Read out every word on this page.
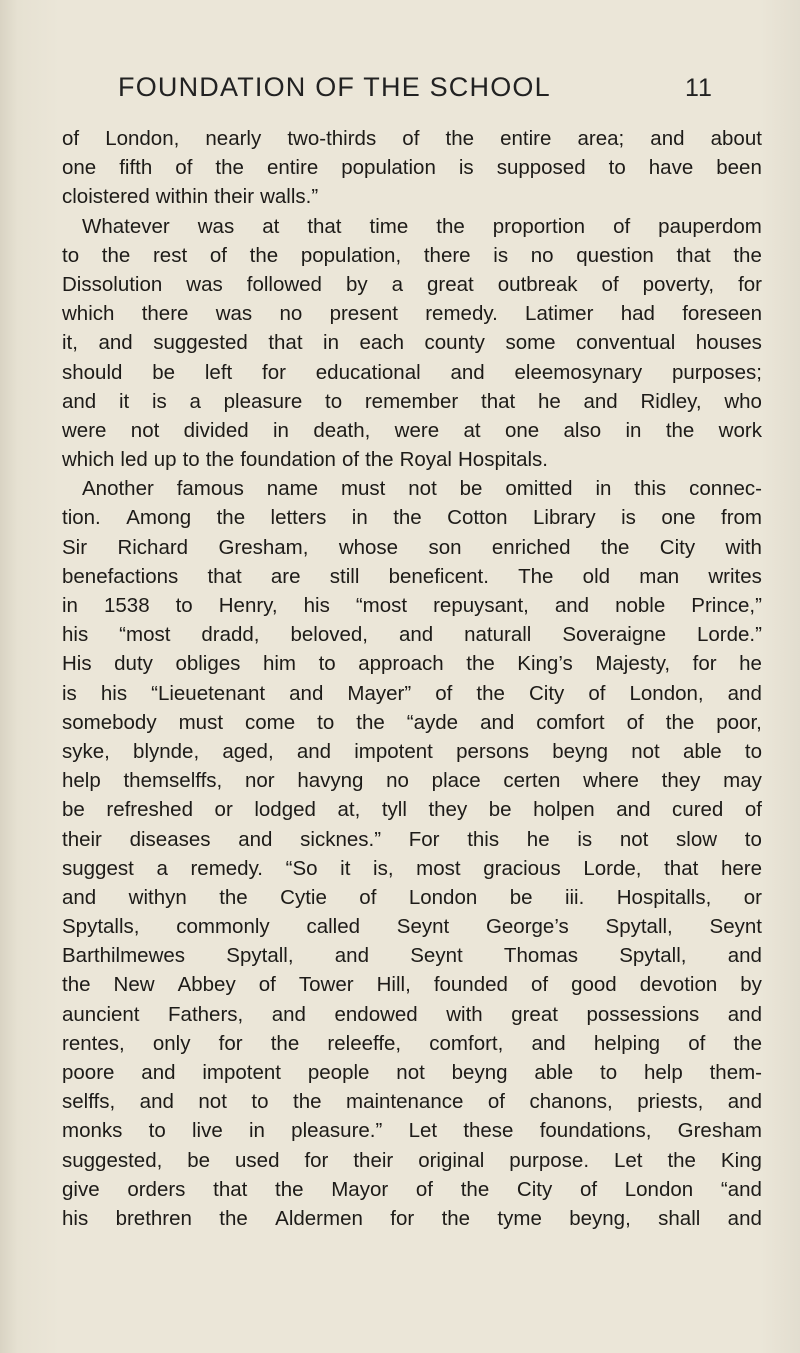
FOUNDATION OF THE SCHOOL	11
of London, nearly two-thirds of the entire area; and about
one fifth of the entire population is supposed to have been
cloistered within their walls.”
Whatever was at that time the proportion of pauperdom
to the rest of the population, there is no question that the
Dissolution was followed by a great outbreak of poverty, for
which there was no present remedy. Latimer had foreseen
it, and suggested that in each county some conventual houses
should be left for educational and eleemosynary purposes;
and it is a pleasure to remember that he and Ridley, who
were not divided in death, were at one also in the work
which led up to the foundation of the Royal Hospitals.
Another famous name must not be omitted in this connec-
tion. Among the letters in the Cotton Library is one from
Sir Richard Gresham, whose son enriched the City with
benefactions that are still beneficent. The old man writes
in 1538 to Henry, his “most repuysant, and noble Prince,”
his “most dradd, beloved, and naturall Soveraigne Lorde.”
His duty obliges him to approach the King’s Majesty, for he
is his “Lieuetenant and Mayer” of the City of London, and
somebody must come to the “ayde and comfort of the poor,
syke, blynde, aged, and impotent persons beyng not able to
help themselffs, nor havyng no place certen where they may
be refreshed or lodged at, tyll they be holpen and cured of
their diseases and sicknes.” For this he is not slow to
suggest a remedy. “So it is, most gracious Lorde, that here
and withyn the Cytie of London be iii. Hospitalls, or
Spytalls, commonly called Seynt George’s Spytall, Seynt
Barthilmewes Spytall, and Seynt Thomas Spytall, and
the New Abbey of Tower Hill, founded of good devotion by
auncient Fathers, and endowed with great possessions and
rentes, only for the releeffe, comfort, and helping of the
poore and impotent people not beyng able to help them-
selffs, and not to the maintenance of chanons, priests, and
monks to live in pleasure.” Let these foundations, Gresham
suggested, be used for their original purpose. Let the King
give orders that the Mayor of the City of London “and
his brethren the Aldermen for the tyme beyng, shall and
